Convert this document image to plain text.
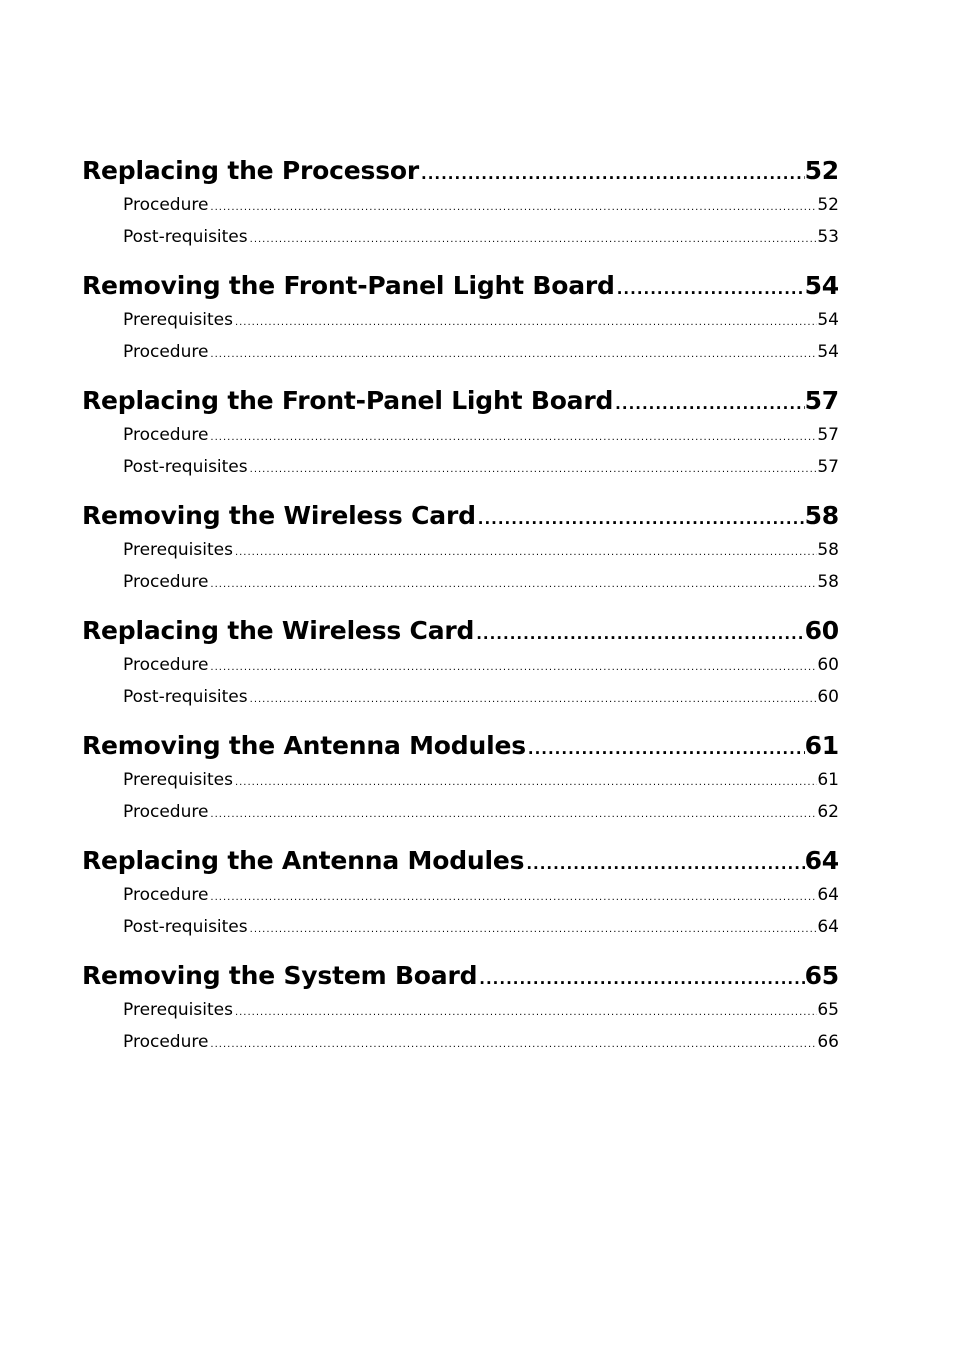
Replacing the Processor .....	52
Procedure .....	52
Post-requisites .....	53
Removing the Front-Panel Light Board .....	54
Prerequisites .....	54
Procedure .....	54
Replacing the Front-Panel Light Board .....	57
Procedure .....	57
Post-requisites .....	57
Removing the Wireless Card .....	58
Prerequisites .....	58
Procedure .....	58
Replacing the Wireless Card .....	60
Procedure .....	60
Post-requisites .....	60
Removing the Antenna Modules .....	61
Prerequisites .....	61
Procedure .....	62
Replacing the Antenna Modules .....	64
Procedure .....	64
Post-requisites .....	64
Removing the System Board .....	65
Prerequisites .....	65
Procedure .....	66
